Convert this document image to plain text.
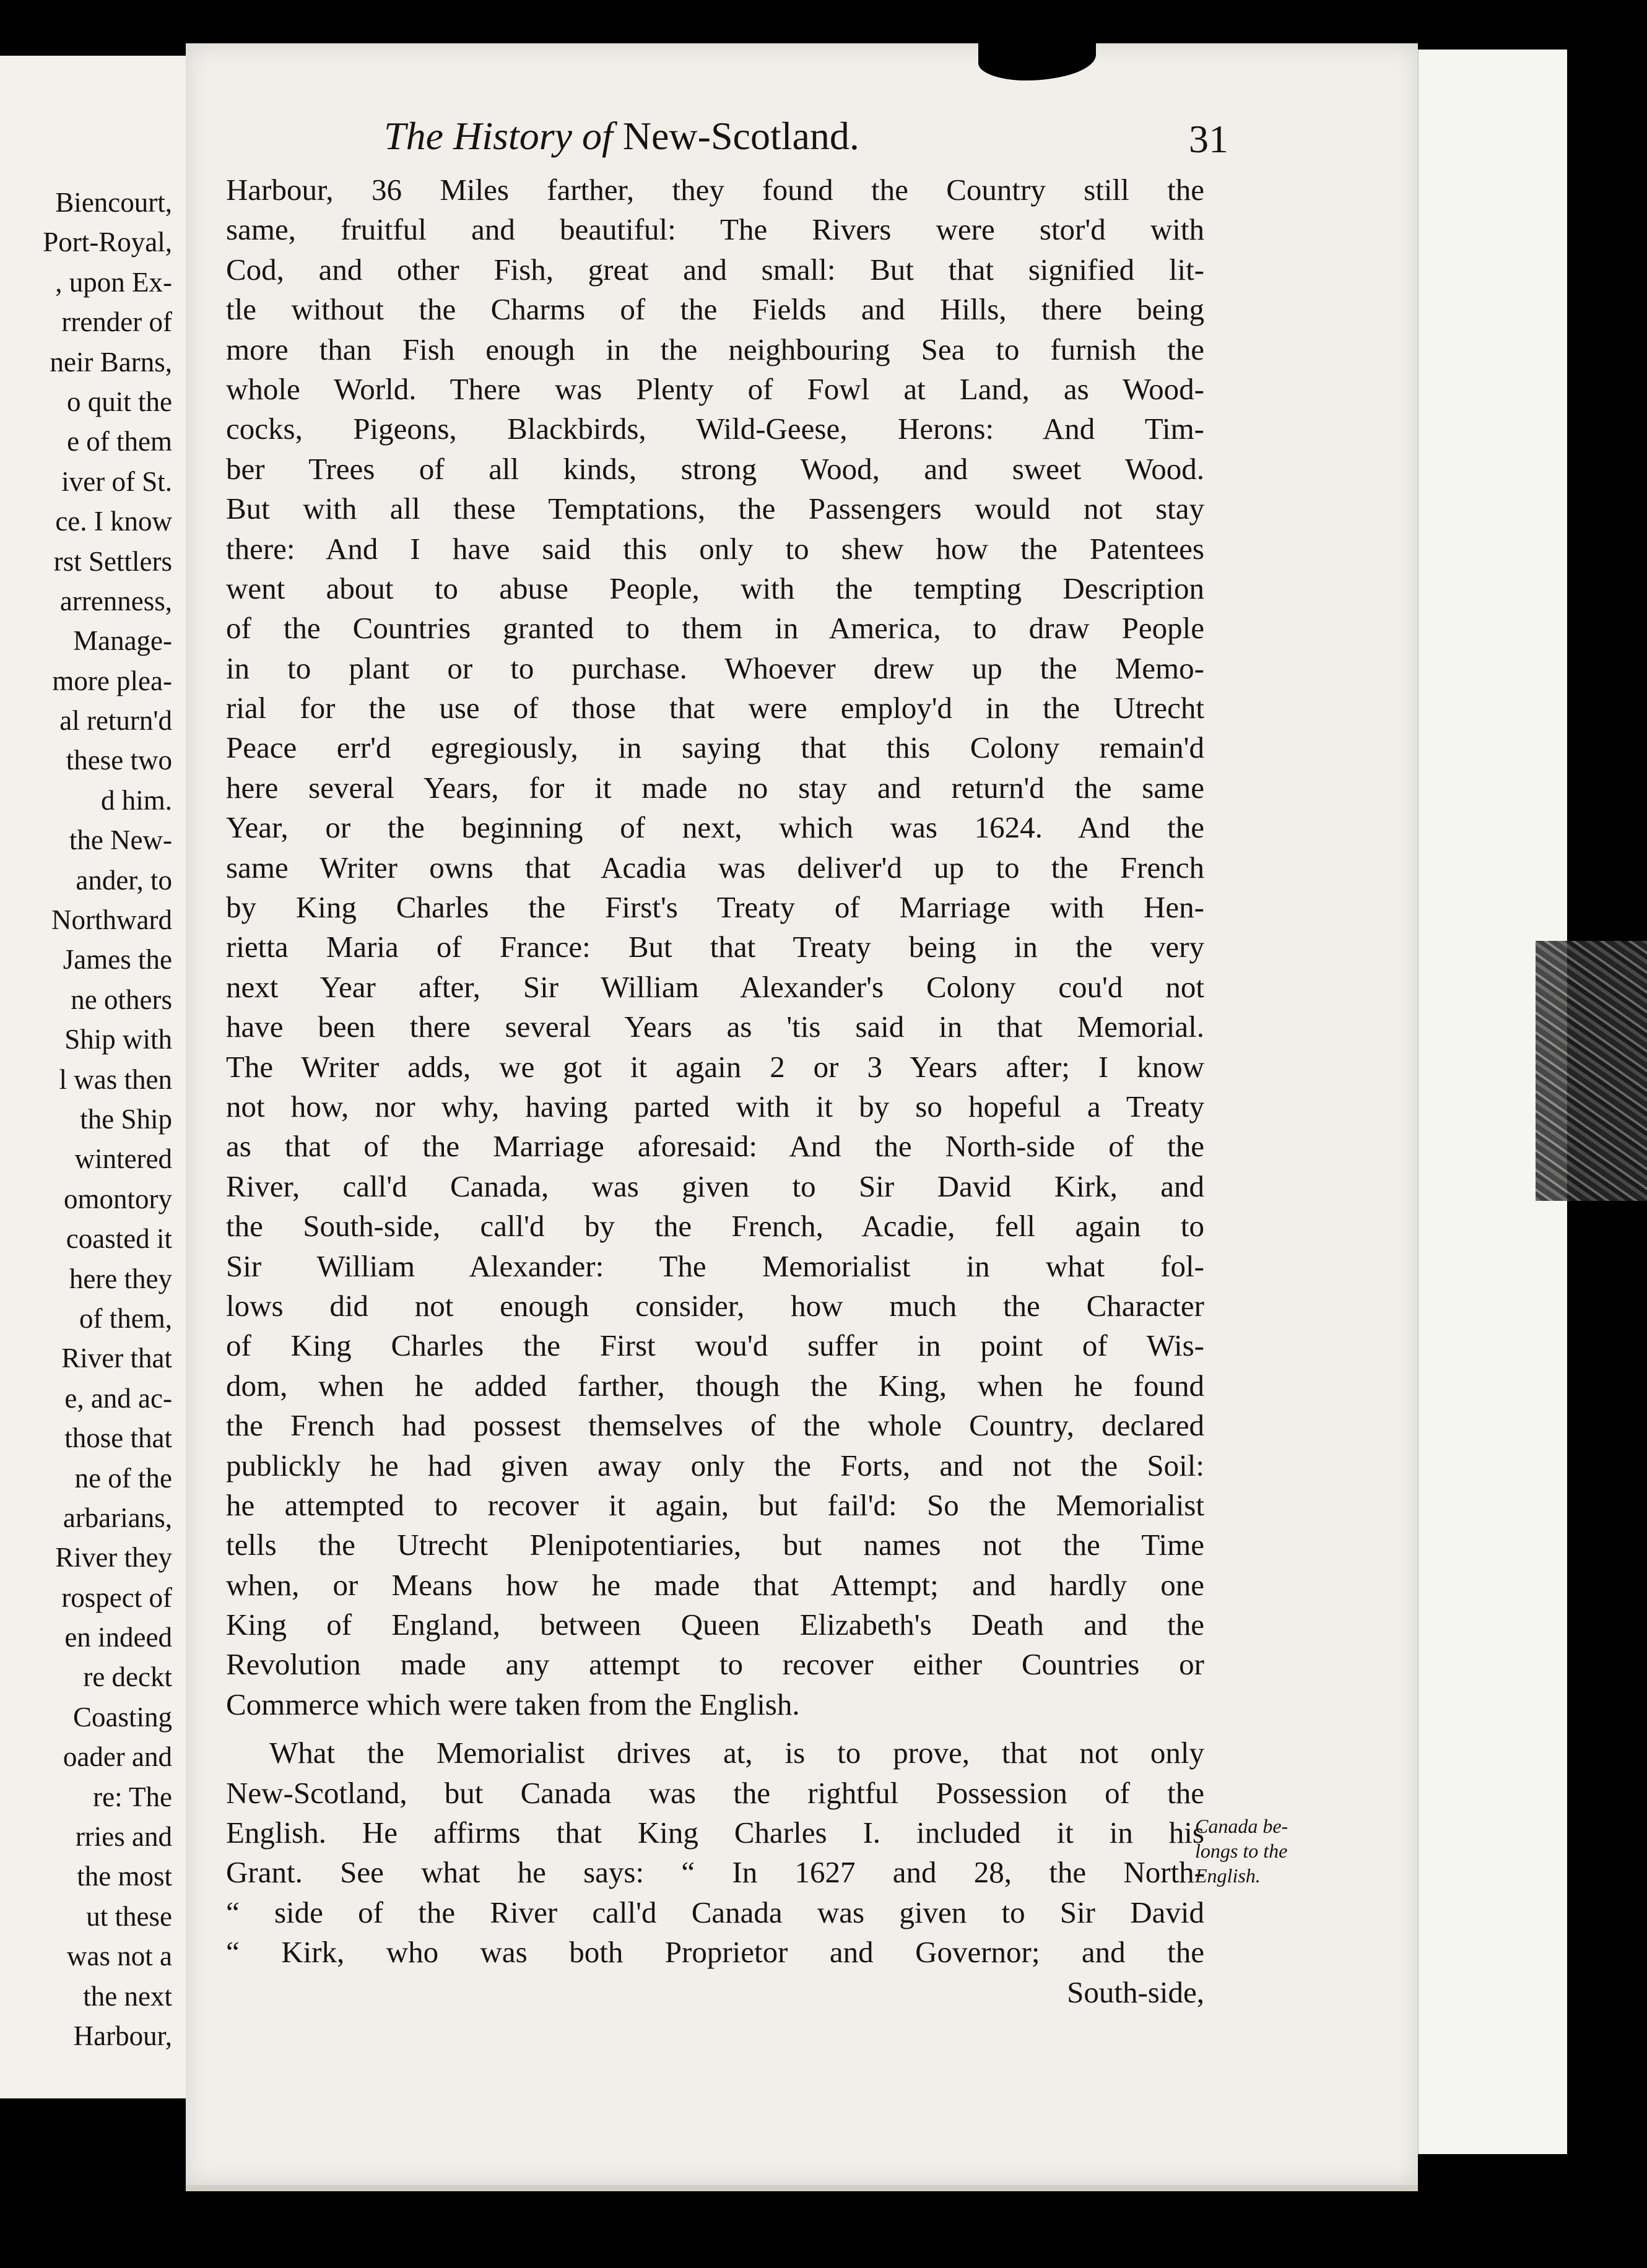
Biencourt,
Port-Royal,
, upon Ex-
rrender of
neir Barns,
o quit the
e of them
iver of St.
ce. I know
rst Settlers
arrenness,
Manage-
more plea-
al return'd
these two
d him.
the New-
ander, to
Northward
James the
ne others
Ship with
l was then
the Ship
wintered
omontory
coasted it
here they
of them,
River that
e, and ac-
those that
ne of the
arbarians,
River they
rospect of
en indeed
re deckt
Coasting
oader and
re: The
rries and
the most
ut these
was not a
the next
Harbour,
The History of New-Scotland.	31
Harbour, 36 Miles farther, they found the Country still the
same, fruitful and beautiful: The Rivers were stor'd with
Cod, and other Fish, great and small: But that signified lit-
tle without the Charms of the Fields and Hills, there being
more than Fish enough in the neighbouring Sea to furnish the
whole World. There was Plenty of Fowl at Land, as Wood-
cocks, Pigeons, Blackbirds, Wild-Geese, Herons: And Tim-
ber Trees of all kinds, strong Wood, and sweet Wood.
But with all these Temptations, the Passengers would not stay
there: And I have said this only to shew how the Patentees
went about to abuse People, with the tempting Description
of the Countries granted to them in America, to draw People
in to plant or to purchase. Whoever drew up the Memo-
rial for the use of those that were employ'd in the Utrecht
Peace err'd egregiously, in saying that this Colony remain'd
here several Years, for it made no stay and return'd the same
Year, or the beginning of next, which was 1624. And the
same Writer owns that Acadia was deliver'd up to the French
by King Charles the First's Treaty of Marriage with Hen-
rietta Maria of France: But that Treaty being in the very
next Year after, Sir William Alexander's Colony cou'd not
have been there several Years as 'tis said in that Memorial.
The Writer adds, we got it again 2 or 3 Years after; I know
not how, nor why, having parted with it by so hopeful a Treaty
as that of the Marriage aforesaid: And the North-side of the
River, call'd Canada, was given to Sir David Kirk, and
the South-side, call'd by the French, Acadie, fell again to
Sir William Alexander: The Memorialist in what fol-
lows did not enough consider, how much the Character
of King Charles the First wou'd suffer in point of Wis-
dom, when he added farther, though the King, when he found
the French had possest themselves of the whole Country, declared
publickly he had given away only the Forts, and not the Soil:
he attempted to recover it again, but fail'd: So the Memorialist
tells the Utrecht Plenipotentiaries, but names not the Time
when, or Means how he made that Attempt; and hardly one
King of England, between Queen Elizabeth's Death and the
Revolution made any attempt to recover either Countries or
Commerce which were taken from the English.
What the Memorialist drives at, is to prove, that not only
New-Scotland, but Canada was the rightful Possession of the
English. He affirms that King Charles I. included it in his
Grant. See what he says: “ In 1627 and 28, the North-
“ side of the River call'd Canada was given to Sir David
“ Kirk, who was both Proprietor and Governor; and the
South-side,
Canada be-
longs to the
English.
